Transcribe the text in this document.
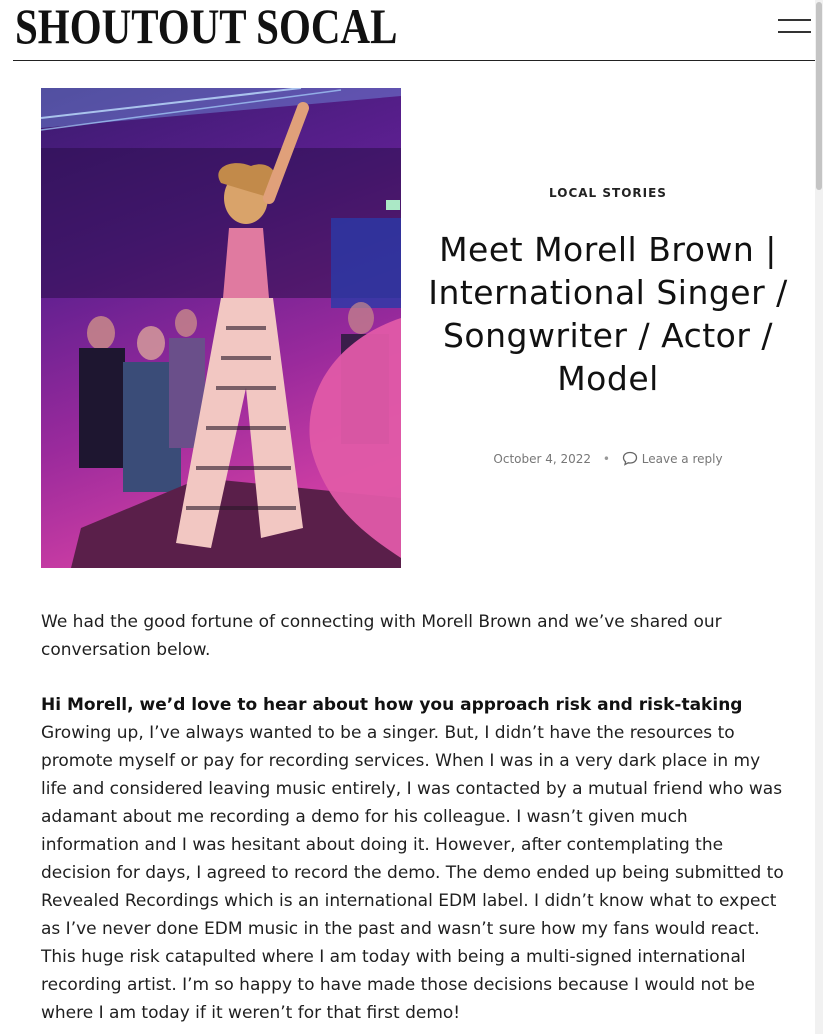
SHOUTOUT SOCAL
LOCAL STORIES
Meet Morell Brown | International Singer / Songwriter / Actor / Model
October 4, 2022 •	Leave a reply

We had the good fortune of connecting with Morell Brown and we’ve shared our conversation below.

Hi Morell, we’d love to hear about how you approach risk and risk-taking

Growing up, I’ve always wanted to be a singer. But, I didn’t have the resources to promote myself or pay for recording services. When I was in a very dark place in my life and considered leaving music entirely, I was contacted by a mutual friend who was adamant about me recording a demo for his colleague. I wasn’t given much information and I was hesitant about doing it. However, after contemplating the decision for days, I agreed to record the demo. The demo ended up being submitted to Revealed Recordings which is an international EDM label. I didn’t know what to expect as I’ve never done EDM music in the past and wasn’t sure how my fans would react. This huge risk catapulted where I am today with being a multi-signed international recording artist. I’m so happy to have made those decisions because I would not be where I am today if it weren’t for that first demo!
